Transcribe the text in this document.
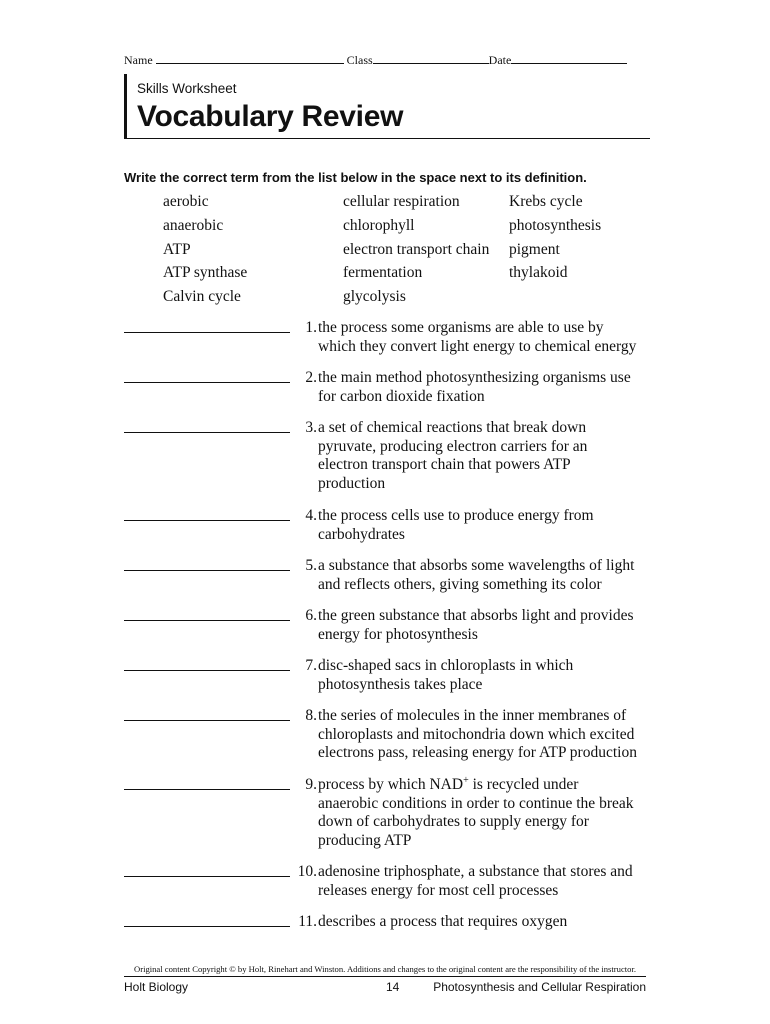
Name	Class	Date
Skills Worksheet
Vocabulary Review
Write the correct term from the list below in the space next to its definition.
aerobic
anaerobic
ATP
ATP synthase
Calvin cycle
cellular respiration
chlorophyll
electron transport chain
fermentation
glycolysis
Krebs cycle
photosynthesis
pigment
thylakoid
1. the process some organisms are able to use by
which they convert light energy to chemical energy
2. the main method photosynthesizing organisms use
for carbon dioxide fixation
3. a set of chemical reactions that break down
pyruvate, producing electron carriers for an
electron transport chain that powers ATP
production
4. the process cells use to produce energy from
carbohydrates
5. a substance that absorbs some wavelengths of light
and reflects others, giving something its color
6. the green substance that absorbs light and provides
energy for photosynthesis
7. disc-shaped sacs in chloroplasts in which
photosynthesis takes place
8. the series of molecules in the inner membranes of
chloroplasts and mitochondria down which excited
electrons pass, releasing energy for ATP production
9. process by which NAD+ is recycled under
anaerobic conditions in order to continue the break
down of carbohydrates to supply energy for
producing ATP
10. adenosine triphosphate, a substance that stores and
releases energy for most cell processes
11. describes a process that requires oxygen
Original content Copyright © by Holt, Rinehart and Winston. Additions and changes to the original content are the responsibility of the instructor.
Holt Biology	14	Photosynthesis and Cellular Respiration
